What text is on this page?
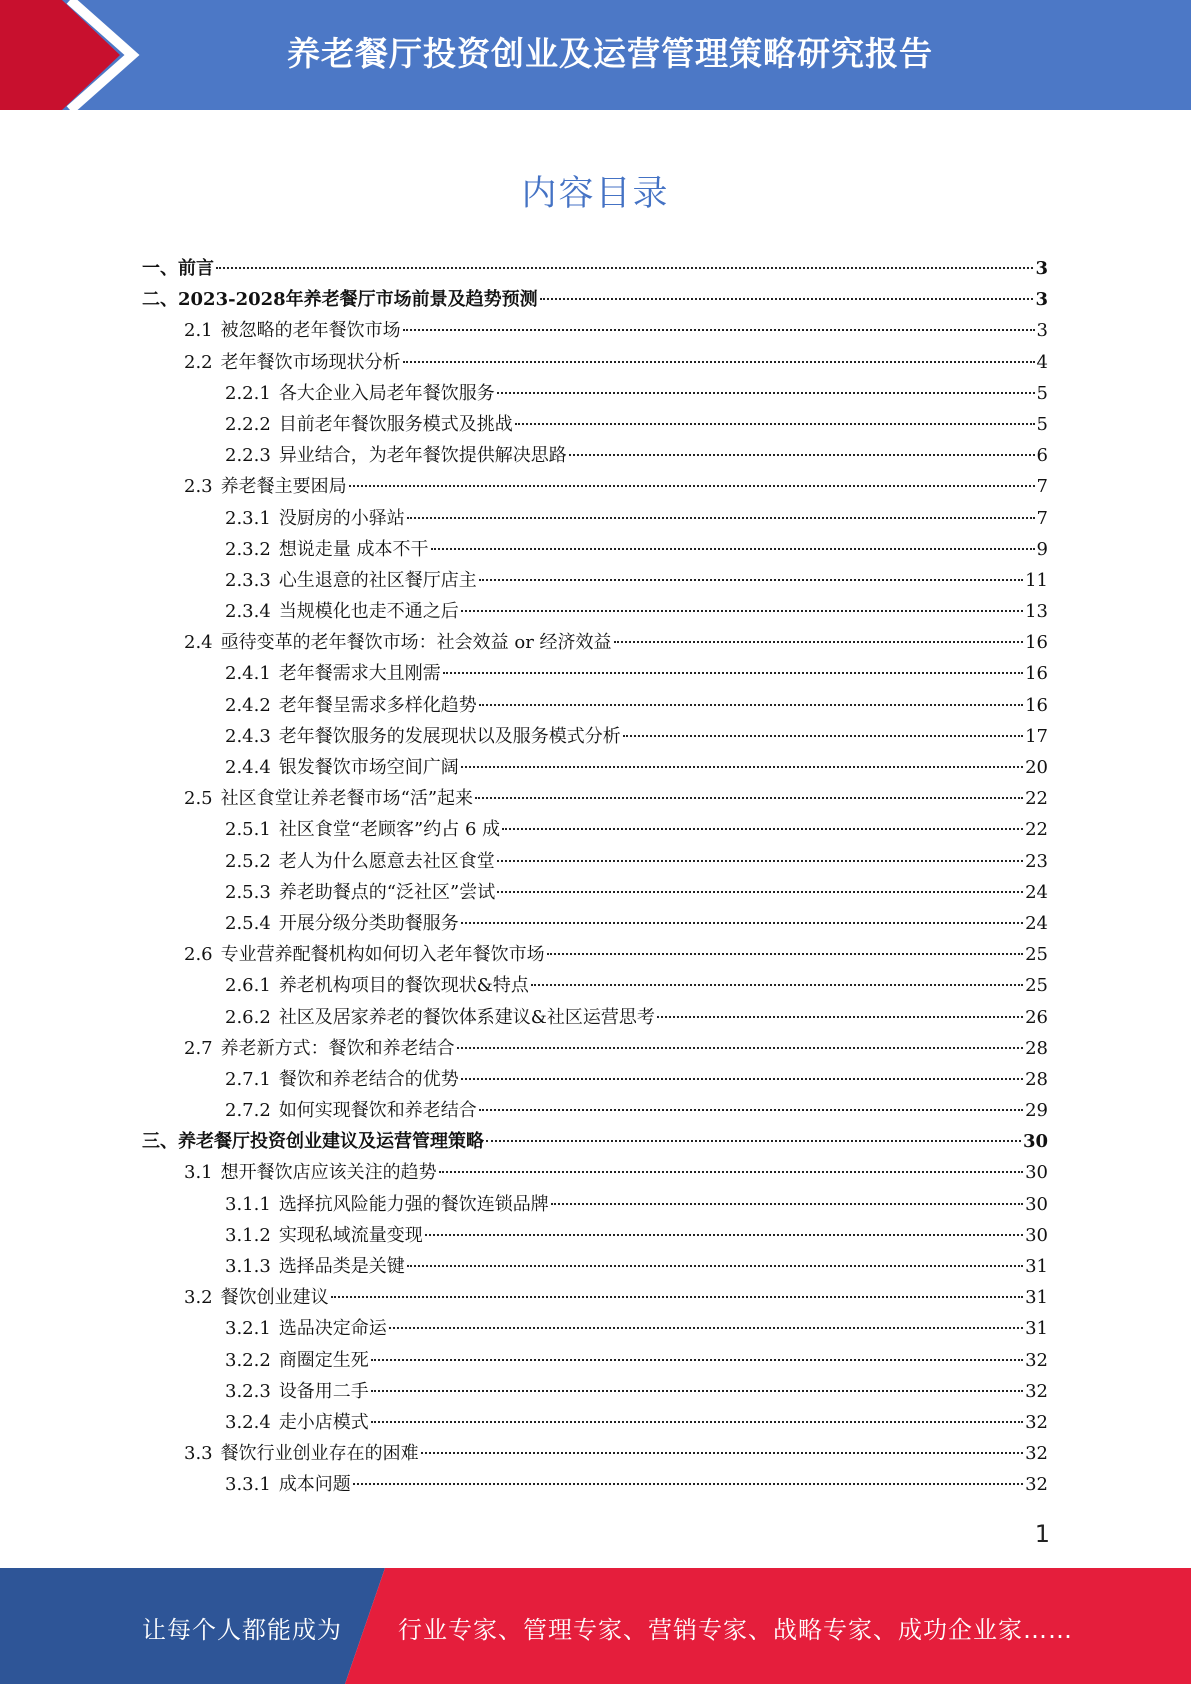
养老餐厅投资创业及运营管理策略研究报告
内容目录
一、 前言	3
二、 2023-2028年养老餐厅市场前景及趋势预测	3
2.1 被忽略的老年餐饮市场	3
2.2 老年餐饮市场现状分析	4
2.2.1 各大企业入局老年餐饮服务	5
2.2.2 目前老年餐饮服务模式及挑战	5
2.2.3 异业结合，为老年餐饮提供解决思路	6
2.3 养老餐主要困局	7
2.3.1 没厨房的小驿站	7
2.3.2 想说走量 成本不干	9
2.3.3 心生退意的社区餐厅店主	11
2.3.4 当规模化也走不通之后	13
2.4 亟待变革的老年餐饮市场：社会效益 or 经济效益	16
2.4.1 老年餐需求大且刚需	16
2.4.2 老年餐呈需求多样化趋势	16
2.4.3 老年餐饮服务的发展现状以及服务模式分析	17
2.4.4 银发餐饮市场空间广阔	20
2.5 社区食堂让养老餐市场“活”起来	22
2.5.1 社区食堂“老顾客”约占 6 成	22
2.5.2 老人为什么愿意去社区食堂	23
2.5.3 养老助餐点的“泛社区”尝试	24
2.5.4 开展分级分类助餐服务	24
2.6 专业营养配餐机构如何切入老年餐饮市场	25
2.6.1 养老机构项目的餐饮现状&特点	25
2.6.2 社区及居家养老的餐饮体系建议&社区运营思考	26
2.7 养老新方式：餐饮和养老结合	28
2.7.1 餐饮和养老结合的优势	28
2.7.2 如何实现餐饮和养老结合	29
三、 养老餐厅投资创业建议及运营管理策略	30
3.1 想开餐饮店应该关注的趋势	30
3.1.1 选择抗风险能力强的餐饮连锁品牌	30
3.1.2 实现私域流量变现	30
3.1.3 选择品类是关键	31
3.2 餐饮创业建议	31
3.2.1 选品决定命运	31
3.2.2 商圈定生死	32
3.2.3 设备用二手	32
3.2.4 走小店模式	32
3.3 餐饮行业创业存在的困难	32
3.3.1 成本问题	32
1
让每个人都能成为 行业专家、管理专家、营销专家、战略专家、成功企业家……
